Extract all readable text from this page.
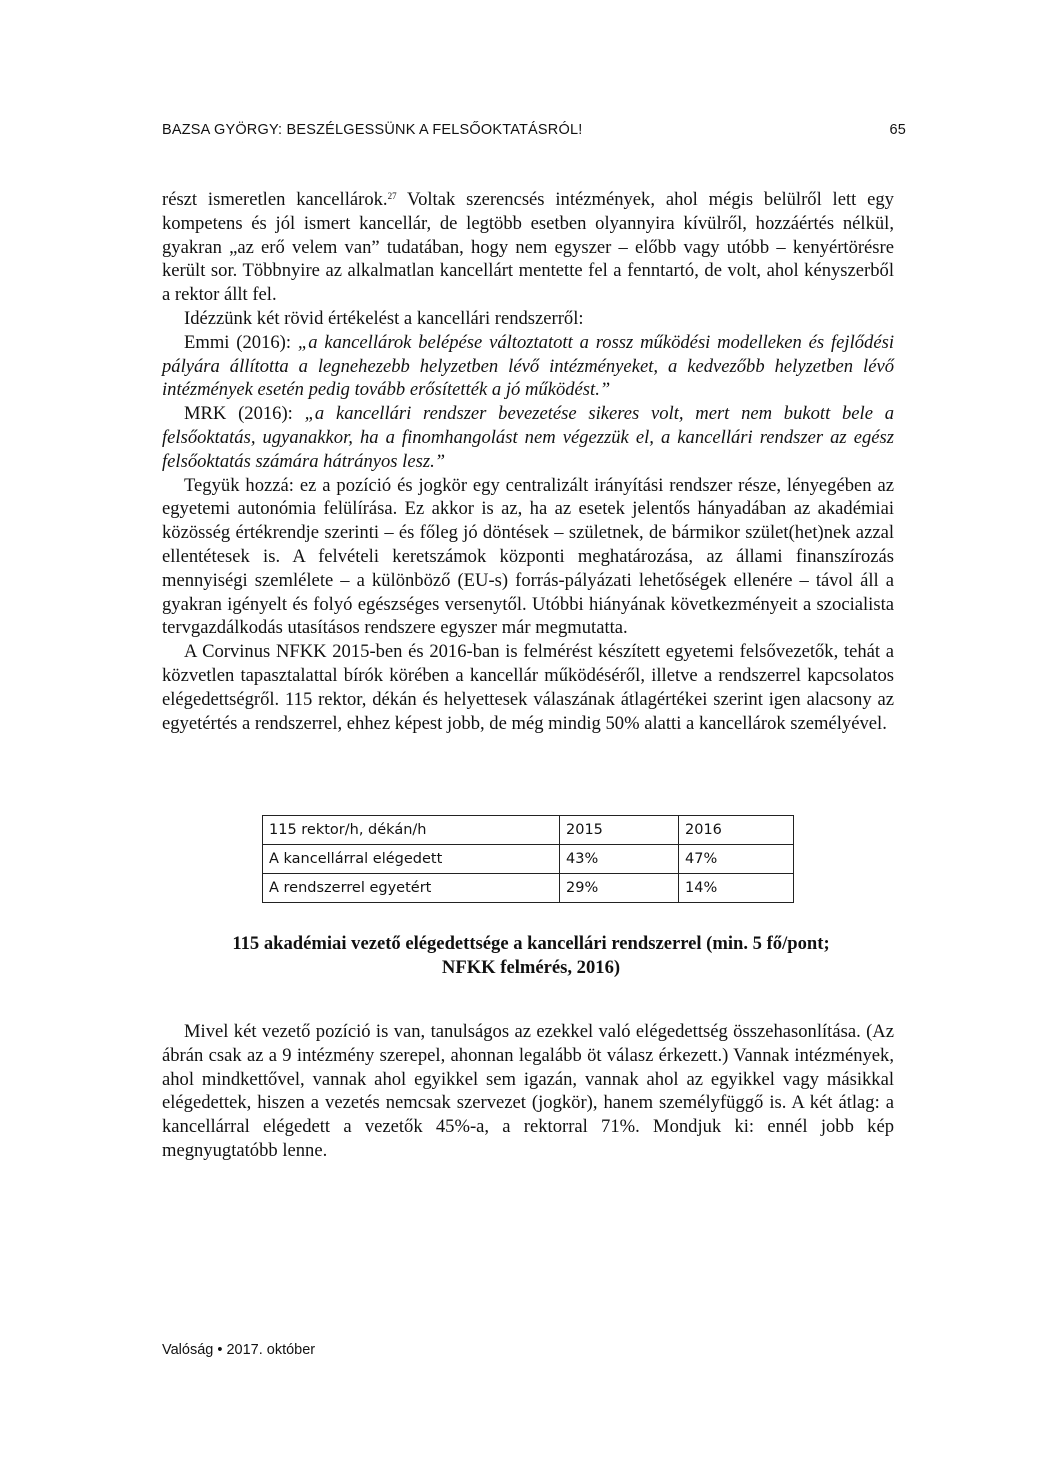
BAZSA GYÖRGY: BESZÉLGESSÜNK A FELSŐOKTATÁSRÓL!	65

részt ismeretlen kancellárok.$^{27}$ Voltak szerencsés intézmények, ahol mégis belülről lett egy kompetens és jól ismert kancellár, de legtöbb esetben olyannyira kívülről, hozzáértés nélkül, gyakran „az erő velem van” tudatában, hogy nem egyszer – előbb vagy utóbb – kenyértörésre került sor. Többnyire az alkalmatlan kancellárt mentette fel a fenntartó, de volt, ahol kényszerből a rektor állt fel.

Idézzünk két rövid értékelést a kancellári rendszerről:

Emmi (2016): „a kancellárok belépése változtatott a rossz működési modelleken és fejlődési pályára állította a legnehezebb helyzetben lévő intézményeket, a kedvezőbb helyzetben lévő intézmények esetén pedig tovább erősítették a jó működést.”

MRK (2016): „a kancellári rendszer bevezetése sikeres volt, mert nem bukott bele a felsőoktatás, ugyanakkor, ha a finomhangolást nem végezzük el, a kancellári rendszer az egész felsőoktatás számára hátrányos lesz.”

Tegyük hozzá: ez a pozíció és jogkör egy centralizált irányítási rendszer része, lényegében az egyetemi autonómia felülírása. Ez akkor is az, ha az esetek jelentős hányadában az akadémiai közösség értékrendje szerinti – és főleg jó döntések – születnek, de bármikor szület(het)nek azzal ellentétesek is. A felvételi keretszámok központi meghatározása, az állami finanszírozás mennyiségi szemlélete – a különböző (EU-s) forrás-pályázati lehetőségek ellenére – távol áll a gyakran igényelt és folyó egészséges versenytől. Utóbbi hiányának következményeit a szocialista tervgazdálkodás utasításos rendszere egyszer már megmutatta.

A Corvinus NFKK 2015-ben és 2016-ban is felmérést készített egyetemi felsővezetők, tehát a közvetlen tapasztalattal bírók körében a kancellár működéséről, illetve a rendszerrel kapcsolatos elégedettségről. 115 rektor, dékán és helyettesek válaszának átlagértékei szerint igen alacsony az egyetértés a rendszerrel, ehhez képest jobb, de még mindig 50% alatti a kancellárok személyével.

115 rektor/h, dékán/h	2015	2016
A kancellárral elégedett	43%	47%
A rendszerrel egyetért	29%	14%
115 akadémiai vezető elégedettsége a kancellári rendszerrel (min. 5 fő/pont;
NFKK felmérés, 2016)

Mivel két vezető pozíció is van, tanulságos az ezekkel való elégedettség összehasonlítása. (Az ábrán csak az a 9 intézmény szerepel, ahonnan legalább öt válasz érkezett.) Vannak intézmények, ahol mindkettővel, vannak ahol egyikkel sem igazán, vannak ahol az egyikkel vagy másikkal elégedettek, hiszen a vezetés nemcsak szervezet (jogkör), hanem személyfüggő is. A két átlag: a kancellárral elégedett a vezetők 45%-a, a rektorral 71%. Mondjuk ki: ennél jobb kép megnyugtatóbb lenne.

Valóság • 2017. október
